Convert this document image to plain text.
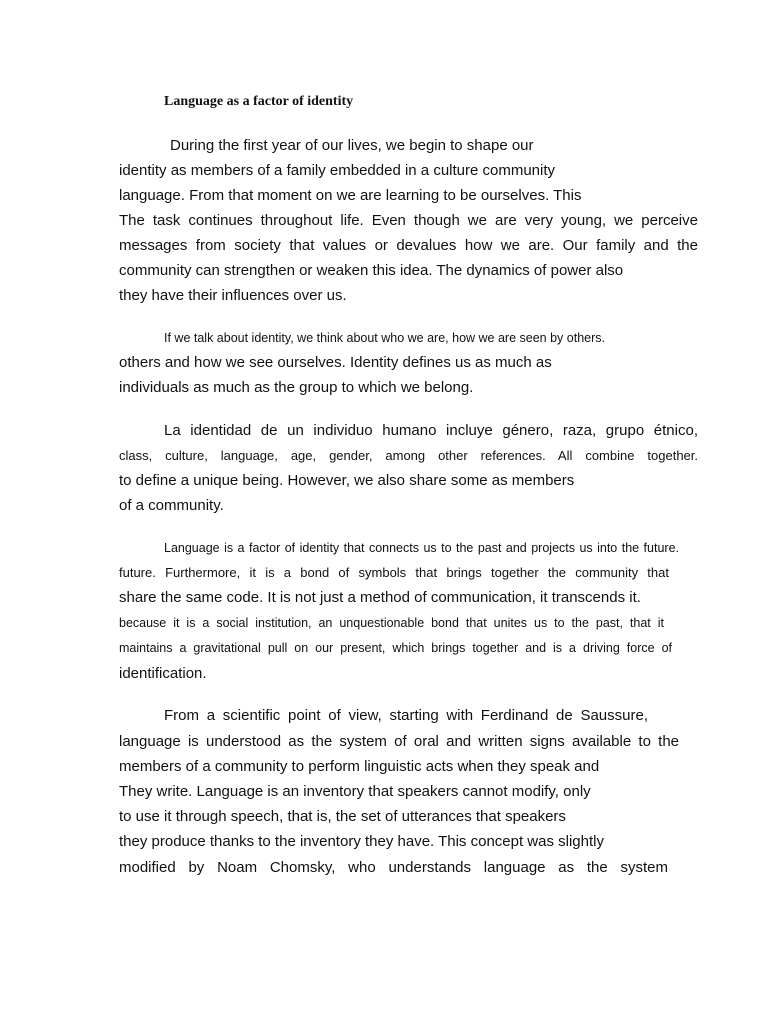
Language as a factor of identity

During the first year of our lives, we begin to shape our

identity as members of a family embedded in a culture community

language. From that moment on we are learning to be ourselves. This

The task continues throughout life. Even though we are very young, we perceive

messages from society that values or devalues how we are. Our family and the

community can strengthen or weaken this idea. The dynamics of power also

they have their influences over us.

If we talk about identity, we think about who we are, how we are seen by others.

others and how we see ourselves. Identity defines us as much as

individuals as much as the group to which we belong.

La identidad de un individuo humano incluye género, raza, grupo étnico,

class, culture, language, age, gender, among other references. All combine together.

to define a unique being. However, we also share some as members

of a community.

Language is a factor of identity that connects us to the past and projects us into the future.

future. Furthermore, it is a bond of symbols that brings together the community that

share the same code. It is not just a method of communication, it transcends it.

because it is a social institution, an unquestionable bond that unites us to the past, that it

maintains a gravitational pull on our present, which brings together and is a driving force of

identification.

From a scientific point of view, starting with Ferdinand de Saussure,

language is understood as the system of oral and written signs available to the

members of a community to perform linguistic acts when they speak and

They write. Language is an inventory that speakers cannot modify, only

to use it through speech, that is, the set of utterances that speakers

they produce thanks to the inventory they have. This concept was slightly

modified by Noam Chomsky, who understands language as the system
